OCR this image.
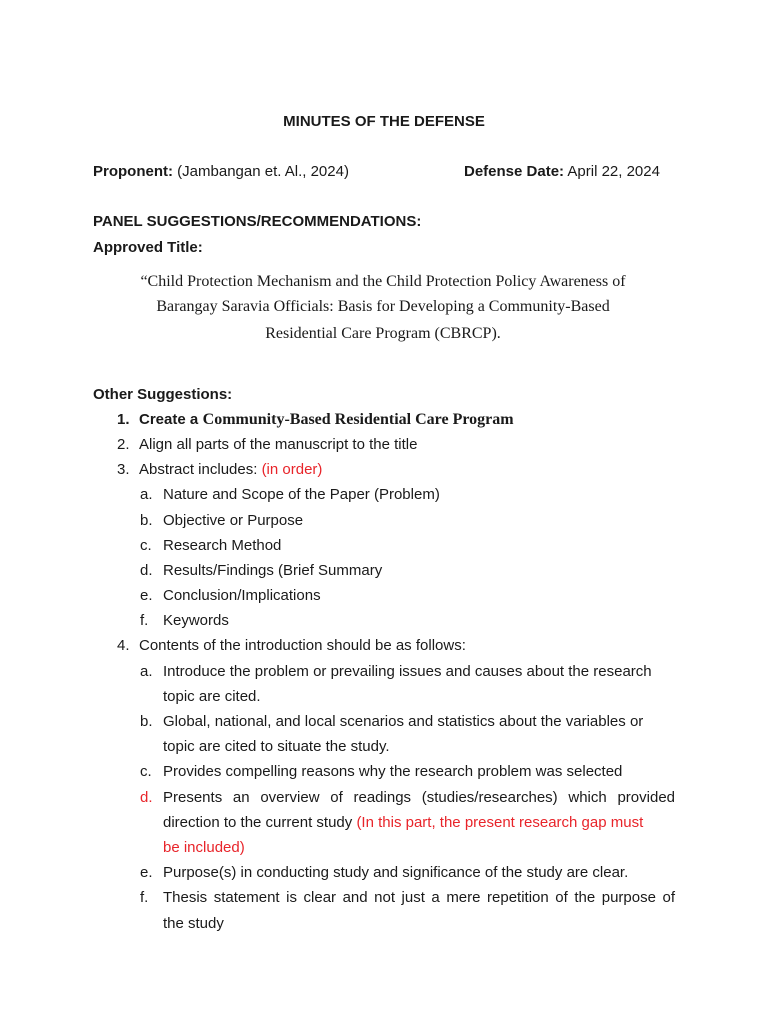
MINUTES OF THE DEFENSE
Proponent: (Jambangan et. Al., 2024)	Defense Date: April 22, 2024
PANEL SUGGESTIONS/RECOMMENDATIONS:
Approved Title:
“Child Protection Mechanism and the Child Protection Policy Awareness of
Barangay Saravia Officials: Basis for Developing a Community-Based
Residential Care Program (CBRCP).
Other Suggestions:
1. Create a Community-Based Residential Care Program
2. Align all parts of the manuscript to the title
3. Abstract includes: (in order)
a. Nature and Scope of the Paper (Problem)
b. Objective or Purpose
c. Research Method
d. Results/Findings (Brief Summary
e. Conclusion/Implications
f. Keywords
4. Contents of the introduction should be as follows:
a. Introduce the problem or prevailing issues and causes about the research
topic are cited.
b. Global, national, and local scenarios and statistics about the variables or
topic are cited to situate the study.
c. Provides compelling reasons why the research problem was selected
d. Presents an overview of readings (studies/researches) which provided
direction to the current study (In this part, the present research gap must
be included)
e. Purpose(s) in conducting study and significance of the study are clear.
f. Thesis statement is clear and not just a mere repetition of the purpose of
the study
